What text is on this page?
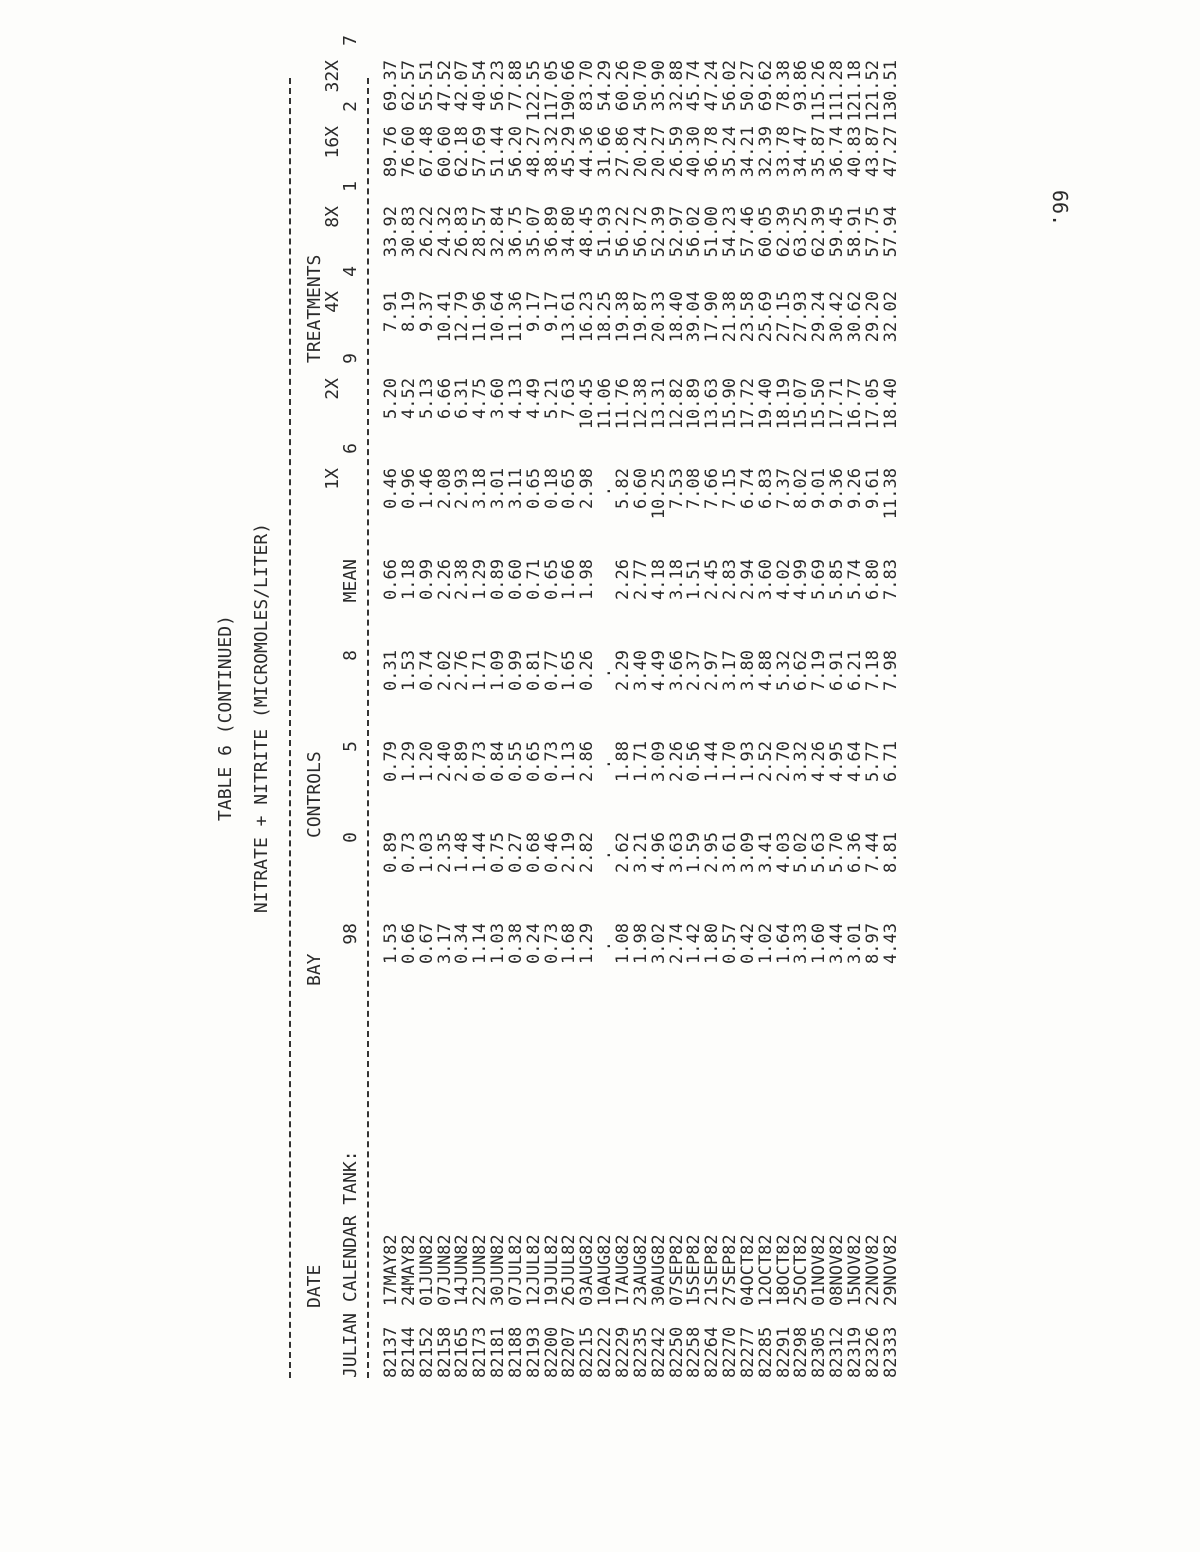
66.
TABLE 6 (CONTINUED) NITRATE + NITRITE (MICROMOLES/LITER)
DATE
BAY
CONTROLS
TREATMENTS
JULIAN CALENDAR TANK:
98
0
5
8
MEAN
6
9
4
1
2
7
1X
2X
4X
8X
16X
32X
82137
17MAY82
1.53
0.89
0.79
0.31
0.66
0.46
5.20
7.91
33.92
89.76
69.37
82144
24MAY82
0.66
0.73
1.29
1.53
1.18
0.96
4.52
8.19
30.83
76.60
62.57
82152
01JUN82
0.67
1.03
1.20
0.74
0.99
1.46
5.13
9.37
26.22
67.48
55.51
82158
07JUN82
3.17
2.35
2.40
2.02
2.26
2.08
6.66
10.41
24.32
60.60
47.52
82165
14JUN82
0.34
1.48
2.89
2.76
2.38
2.93
6.31
12.79
26.83
62.18
42.07
82173
22JUN82
1.14
1.44
0.73
1.71
1.29
3.18
4.75
11.96
28.57
57.69
40.54
82181
30JUN82
1.03
0.75
0.84
1.09
0.89
3.01
3.60
10.64
32.84
51.44
56.23
82188
07JUL82
0.38
0.27
0.55
0.99
0.60
3.11
4.13
11.36
36.75
56.20
77.88
82193
12JUL82
0.24
0.68
0.65
0.81
0.71
0.65
4.49
9.17
35.07
48.27
122.55
82200
19JUL82
0.73
0.46
0.73
0.77
0.65
0.18
5.21
9.17
36.89
38.32
117.05
82207
26JUL82
1.68
2.19
1.13
1.65
1.66
0.65
7.63
13.61
34.80
45.29
190.66
82215
03AUG82
1.29
2.82
2.86
0.26
1.98
2.98
10.45
16.23
48.45
44.36
83.70
82222
10AUG82
.
.
.
.
.
11.06
18.25
51.93
31.66
54.29
82229
17AUG82
1.08
2.62
1.88
2.29
2.26
5.82
11.76
19.38
56.22
27.86
60.26
82235
23AUG82
1.98
3.21
1.71
3.40
2.77
6.60
12.38
19.87
56.72
20.24
50.70
82242
30AUG82
3.02
4.96
3.09
4.49
4.18
10.25
13.31
20.33
52.39
20.27
35.90
82250
07SEP82
2.74
3.63
2.26
3.66
3.18
7.53
12.82
18.40
52.97
26.59
32.88
82258
15SEP82
1.42
1.59
0.56
2.37
1.51
7.08
10.89
39.04
56.02
40.30
45.74
82264
21SEP82
1.80
2.95
1.44
2.97
2.45
7.66
13.63
17.90
51.00
36.78
47.24
82270
27SEP82
0.57
3.61
1.70
3.17
2.83
7.15
15.90
21.38
54.23
35.24
56.02
82277
04OCT82
0.42
3.09
1.93
3.80
2.94
6.74
17.72
23.58
57.46
34.21
50.27
82285
12OCT82
1.02
3.41
2.52
4.88
3.60
6.83
19.40
25.69
60.05
32.39
69.62
82291
18OCT82
1.64
4.03
2.70
5.32
4.02
7.37
18.19
27.15
62.39
33.78
78.38
82298
25OCT82
3.33
5.02
3.32
6.62
4.99
8.02
15.07
27.93
63.25
34.47
93.86
82305
01NOV82
1.60
5.63
4.26
7.19
5.69
9.01
15.50
29.24
62.39
35.87
115.26
82312
08NOV82
3.44
5.70
4.95
6.91
5.85
9.36
17.71
30.42
59.45
36.74
111.28
82319
15NOV82
3.01
6.36
4.64
6.21
5.74
9.26
16.77
30.62
58.91
40.83
121.18
82326
22NOV82
8.97
7.44
5.77
7.18
6.80
9.61
17.05
29.20
57.75
43.87
121.52
82333
29NOV82
4.43
8.81
6.71
7.98
7.83
11.38
18.40
32.02
57.94
47.27
130.51
